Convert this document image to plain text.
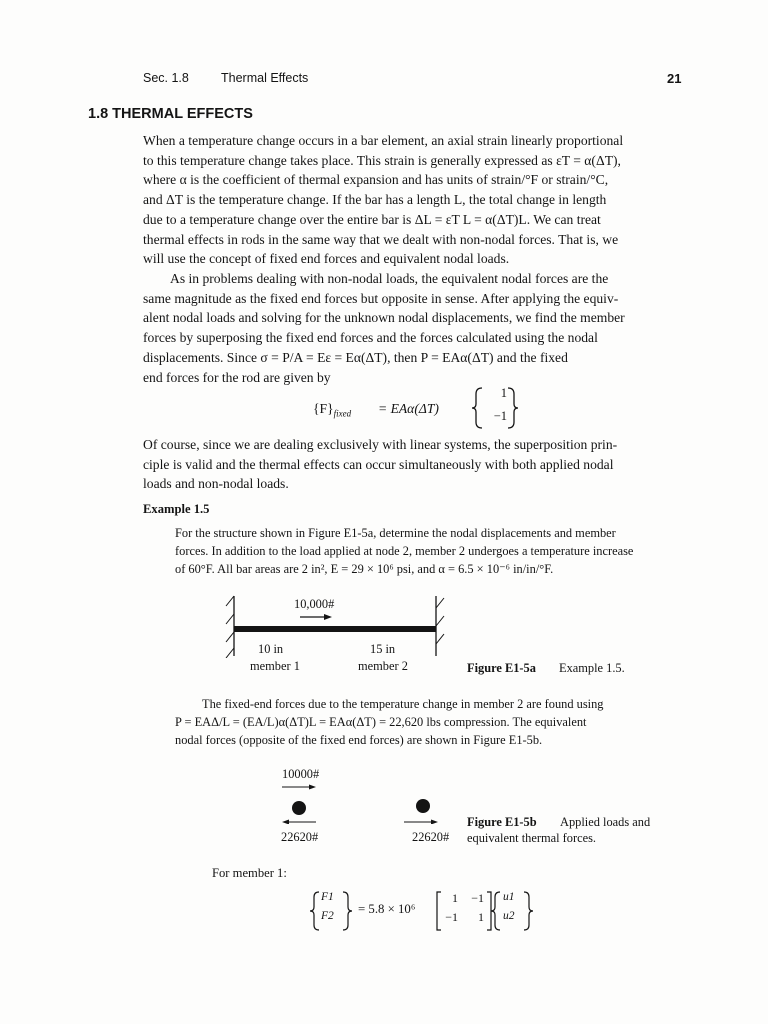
Sec. 1.8	Thermal Effects	21
1.8 THERMAL EFFECTS
When a temperature change occurs in a bar element, an axial strain linearly proportional
to this temperature change takes place. This strain is generally expressed as εT = α(ΔT),
where α is the coefficient of thermal expansion and has units of strain/°F or strain/°C,
and ΔT is the temperature change. If the bar has a length L, the total change in length
due to a temperature change over the entire bar is ΔL = εT L = α(ΔT)L. We can treat
thermal effects in rods in the same way that we dealt with non-nodal forces. That is, we
will use the concept of fixed end forces and equivalent nodal loads.
As in problems dealing with non-nodal loads, the equivalent nodal forces are the
same magnitude as the fixed end forces but opposite in sense. After applying the equiv-
alent nodal loads and solving for the unknown nodal displacements, we find the member
forces by superposing the fixed end forces and the forces calculated using the nodal
displacements. Since σ = P/A = Eε = Eα(ΔT), then P = EAα(ΔT) and the fixed
end forces for the rod are given by
$\{F\}_{fixed} = EA\alpha(\Delta T)$
1
−1
Of course, since we are dealing exclusively with linear systems, the superposition prin-
ciple is valid and the thermal effects can occur simultaneously with both applied nodal
loads and non-nodal loads.
Example 1.5
For the structure shown in Figure E1-5a, determine the nodal displacements and member
forces. In addition to the load applied at node 2, member 2 undergoes a temperature increase
of 60°F. All bar areas are 2 in², E = 29 × 10⁶ psi, and α = 6.5 × 10⁻⁶ in/in/°F.
10,000#
10 in	15 in
member 1	member 2	Figure E1-5a Example 1.5.
The fixed-end forces due to the temperature change in member 2 are found using
P = EAΔ/L = (EA/L)α(ΔT)L = EAα(ΔT) = 22,620 lbs compression. The equivalent
nodal forces (opposite of the fixed end forces) are shown in Figure E1-5b.
10000#
22620#	22620#
Figure E1-5b Applied loads and
equivalent thermal forces.
For member 1:
F1
F2 = 5.8 × 10⁶
1	−1
−1	1
u1
u2
